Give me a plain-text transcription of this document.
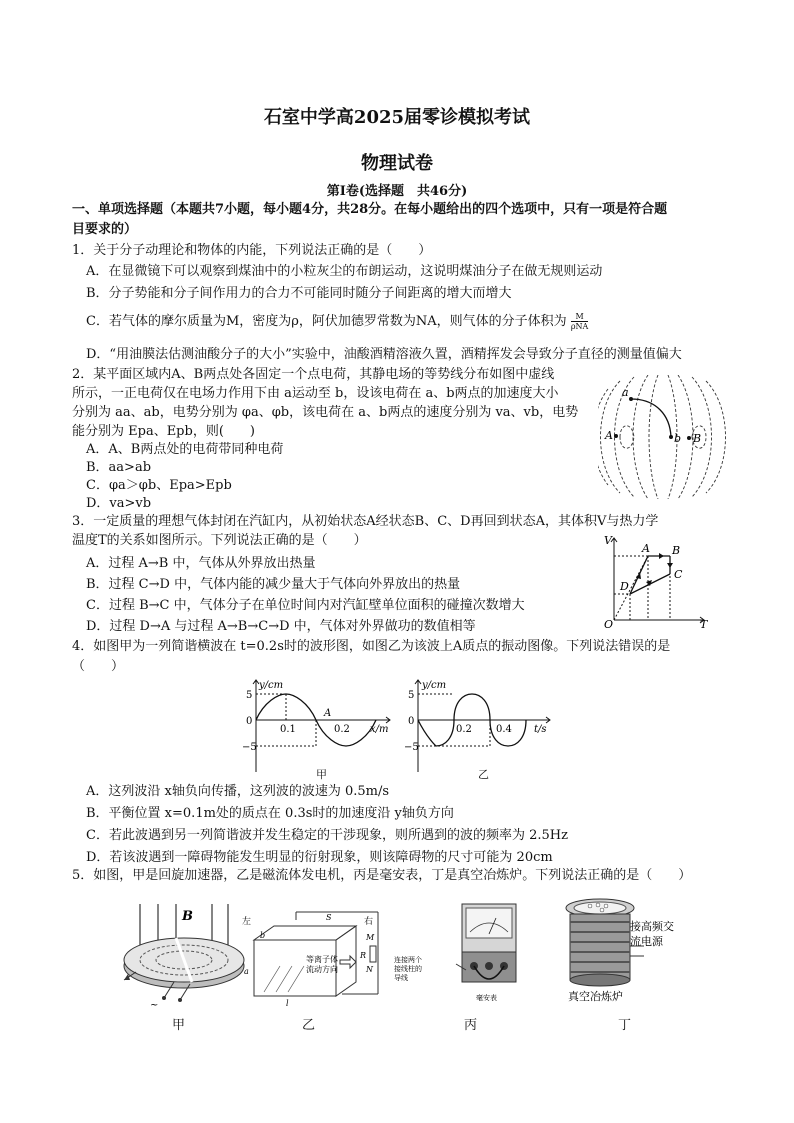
石室中学高2025届零诊模拟考试
物理试卷
第Ⅰ卷(选择题　共46分)
一、单项选择题（本题共7小题，每小题4分，共28分。在每小题给出的四个选项中，只有一项是符合题
目要求的）
1．关于分子动理论和物体的内能，下列说法正确的是（　　）
A．在显微镜下可以观察到煤油中的小粒灰尘的布朗运动，这说明煤油分子在做无规则运动
B．分子势能和分子间作用力的合力不可能同时随分子间距离的增大而增大
C．若气体的摩尔质量为M，密度为ρ，阿伏加德罗常数为NA，则气体的分子体积为 $\frac{M}{\text{ρNA}}$
D．“用油膜法估测油酸分子的大小”实验中，油酸酒精溶液久置，酒精挥发会导致分子直径的测量值偏大
2．某平面区域内A、B两点处各固定一个点电荷，其静电场的等势线分布如图中虚线
所示，一正电荷仅在电场力作用下由 a运动至 b，设该电荷在 a、b两点的加速度大小
分别为 aa、ab，电势分别为 φa、φb，该电荷在 a、b两点的速度分别为 va、vb，电势
能分别为 Epa、Epb，则(　　)
A．A、B两点处的电荷带同种电荷
B．aa>ab
C．φa＞φb、Epa>Epb
D．va>vb
a
b
A	B
3．一定质量的理想气体封闭在汽缸内，从初始状态A经状态B、C、D再回到状态A，其体积V与热力学
温度T的关系如图所示。下列说法正确的是（　　）
A．过程 A→B 中，气体从外界放出热量
B．过程 C→D 中，气体内能的减少量大于气体向外界放出的热量
C．过程 B→C 中，气体分子在单位时间内对汽缸壁单位面积的碰撞次数增大
D．过程 D→A 与过程 A→B→C→D 中，气体对外界做功的数值相等
V
T
O
A B
C
D
4．如图甲为一列简谐横波在 t=0.2s时的波形图，如图乙为该波上A质点的振动图像。下列说法错误的是
（　　）
y/cm
x/m
5
0
−5
0.1	0.2
A
甲
y/cm
t/s
5
0
−5
0.2 0.4
乙
A．这列波沿 x轴负向传播，这列波的波速为 0.5m/s
B．平衡位置 x=0.1m处的质点在 0.3s时的加速度沿 y轴负方向
C．若此波遇到另一列简谐波并发生稳定的干涉现象，则所遇到的波的频率为 2.5Hz
D．若该波遇到一障碍物能发生明显的衍射现象，则该障碍物的尺寸可能为 20cm
5．如图，甲是回旋加速器，乙是磁流体发电机，丙是毫安表，丁是真空冶炼炉。下列说法正确的是（　　）
~
B
甲
左	右
S
M
N
R
b
a
l
等离子体
流动方向
乙
连接两个
接线柱的
导线
毫安表
丙
接高频交
流电源
真空冶炼炉
丁
